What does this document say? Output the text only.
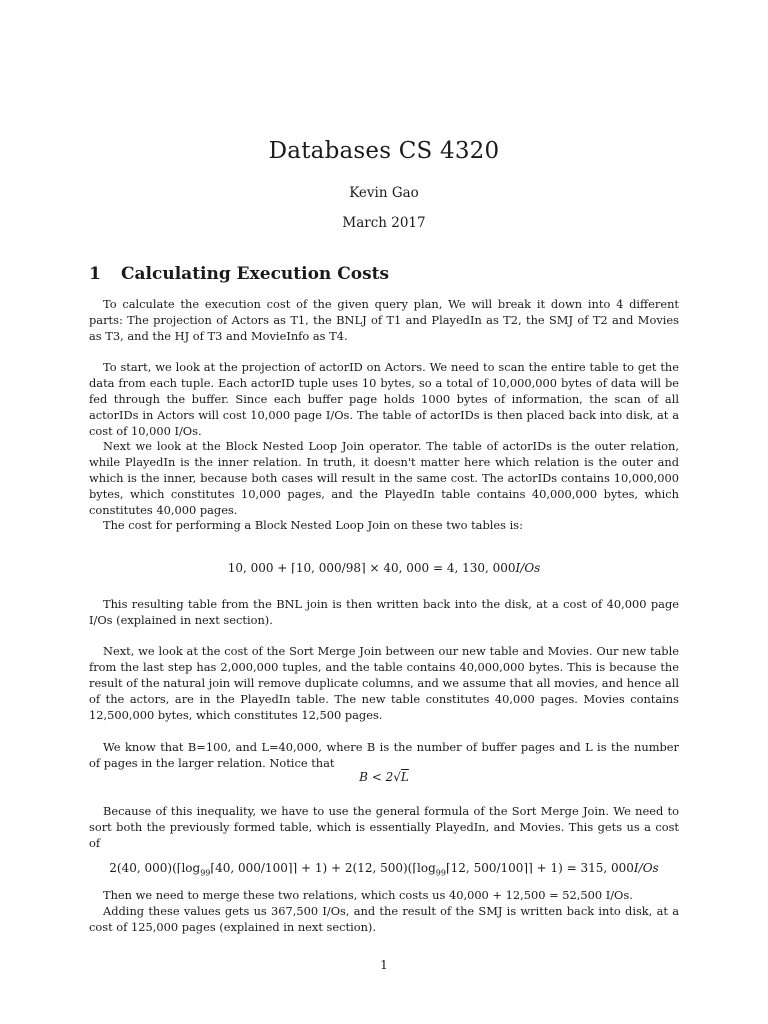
Databases CS 4320
Kevin Gao
March 2017
1 Calculating Execution Costs
To calculate the execution cost of the given query plan, We will break it down into 4 different parts: The projection of Actors as T1, the BNLJ of T1 and PlayedIn as T2, the SMJ of T2 and Movies as T3, and the HJ of T3 and MovieInfo as T4.
To start, we look at the projection of actorID on Actors. We need to scan the entire table to get the data from each tuple. Each actorID tuple uses 10 bytes, so a total of 10,000,000 bytes of data will be fed through the buffer. Since each buffer page holds 1000 bytes of information, the scan of all actorIDs in Actors will cost 10,000 page I/Os. The table of actorIDs is then placed back into disk, at a cost of 10,000 I/Os.
Next we look at the Block Nested Loop Join operator. The table of actorIDs is the outer relation, while PlayedIn is the inner relation. In truth, it doesn't matter here which relation is the outer and which is the inner, because both cases will result in the same cost. The actorIDs contains 10,000,000 bytes, which constitutes 10,000 pages, and the PlayedIn table contains 40,000,000 bytes, which constitutes 40,000 pages.
The cost for performing a Block Nested Loop Join on these two tables is:
10, 000 + ⌈10, 000/98⌉ × 40, 000 = 4, 130, 000I/Os
This resulting table from the BNL join is then written back into the disk, at a cost of 40,000 page I/Os (explained in next section).
Next, we look at the cost of the Sort Merge Join between our new table and Movies. Our new table from the last step has 2,000,000 tuples, and the table contains 40,000,000 bytes. This is because the result of the natural join will remove duplicate columns, and we assume that all movies, and hence all of the actors, are in the PlayedIn table. The new table constitutes 40,000 pages. Movies contains 12,500,000 bytes, which constitutes 12,500 pages.
We know that B=100, and L=40,000, where B is the number of buffer pages and L is the number of pages in the larger relation. Notice that
B < 2√L
Because of this inequality, we have to use the general formula of the Sort Merge Join. We need to sort both the previously formed table, which is essentially PlayedIn, and Movies. This gets us a cost of
2(40, $000)(⌈\log_{99}⌈40$, 000/100⌉⌉ + 1) + 2(12, $500)(⌈\log_{99}⌈12$, 500/100⌉⌉ + 1) = 315, 000I/Os
Then we need to merge these two relations, which costs us 40,000 + 12,500 = 52,500 I/Os.
Adding these values gets us 367,500 I/Os, and the result of the SMJ is written back into disk, at a cost of 125,000 pages (explained in next section).
1
